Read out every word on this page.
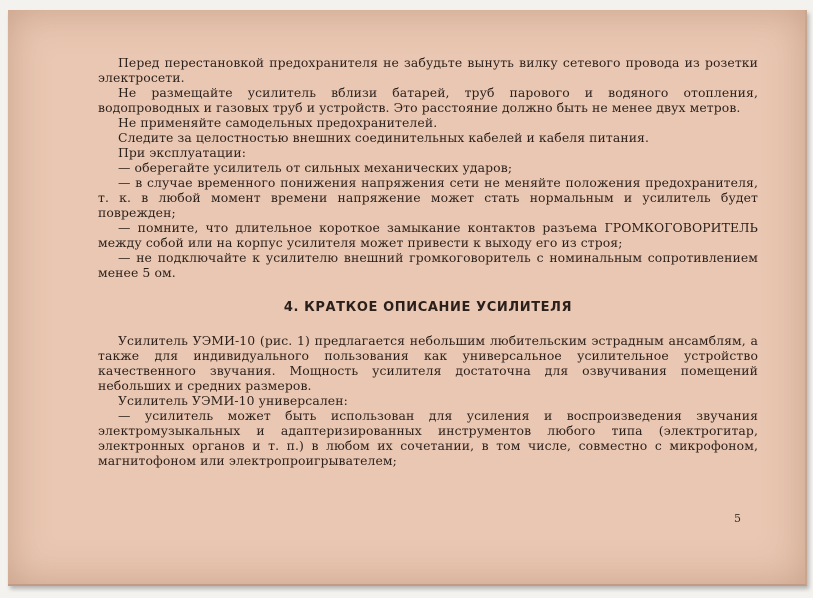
Перед перестановкой предохранителя не забудьте вынуть вилку сетевого провода из розетки электросети.

Не размещайте усилитель вблизи батарей, труб парового и водяного отопления, водопроводных и газовых труб и устройств. Это расстояние должно быть не менее двух метров.

Не применяйте самодельных предохранителей.

Следите за целостностью внешних соединительных кабелей и кабеля питания.

При эксплуатации:

— оберегайте усилитель от сильных механических ударов;

— в случае временного понижения напряжения сети не меняйте положения предохранителя, т. к. в любой момент времени напряжение может стать нормальным и усилитель будет поврежден;

— помните, что длительное короткое замыкание контактов разъема ГРОМКОГОВОРИТЕЛЬ между собой или на корпус усилителя может привести к выходу его из строя;

— не подключайте к усилителю внешний громкоговоритель с номинальным сопротивлением менее 5 ом.

4. КРАТКОЕ ОПИСАНИЕ УСИЛИТЕЛЯ

Усилитель УЭМИ-10 (рис. 1) предлагается небольшим любительским эстрадным ансамблям, а также для индивидуального пользования как универсальное усилительное устройство качественного звучания. Мощность усилителя достаточна для озвучивания помещений небольших и средних размеров.

Усилитель УЭМИ-10 универсален:

— усилитель может быть использован для усиления и воспроизведения звучания электромузыкальных и адаптеризированных инструментов любого типа (электрогитар, электронных органов и т. п.) в любом их сочетании, в том числе, совместно с микрофоном, магнитофоном или электропроигрывателем;

5
